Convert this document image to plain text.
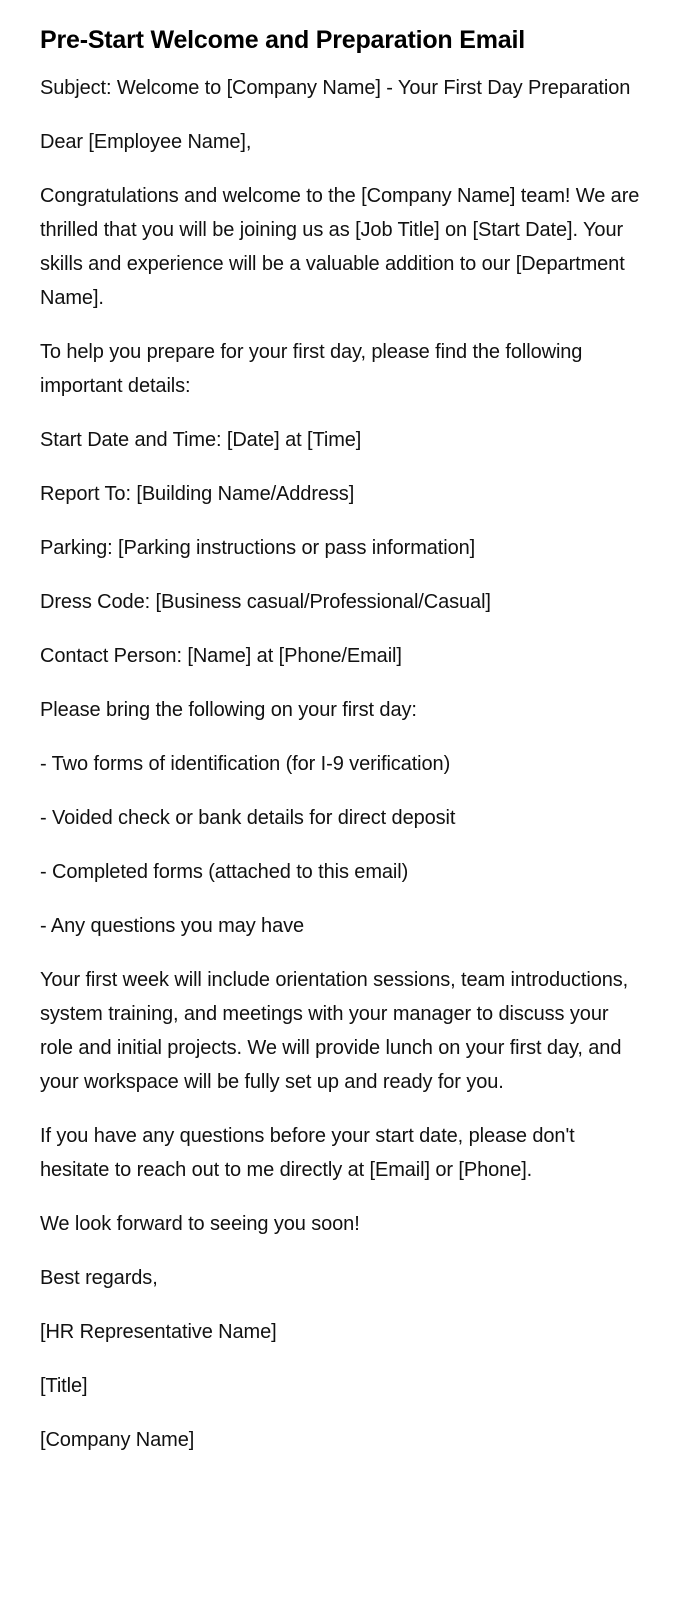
Pre-Start Welcome and Preparation Email

Subject: Welcome to [Company Name] - Your First Day Preparation

Dear [Employee Name],

Congratulations and welcome to the [Company Name] team! We are thrilled that you will be joining us as [Job Title] on [Start Date]. Your skills and experience will be a valuable addition to our [Department Name].

To help you prepare for your first day, please find the following important details:

Start Date and Time: [Date] at [Time]

Report To: [Building Name/Address]

Parking: [Parking instructions or pass information]

Dress Code: [Business casual/Professional/Casual]

Contact Person: [Name] at [Phone/Email]

Please bring the following on your first day:

- Two forms of identification (for I-9 verification)

- Voided check or bank details for direct deposit

- Completed forms (attached to this email)

- Any questions you may have

Your first week will include orientation sessions, team introductions, system training, and meetings with your manager to discuss your role and initial projects. We will provide lunch on your first day, and your workspace will be fully set up and ready for you.

If you have any questions before your start date, please don't hesitate to reach out to me directly at [Email] or [Phone].

We look forward to seeing you soon!

Best regards,

[HR Representative Name]

[Title]

[Company Name]
